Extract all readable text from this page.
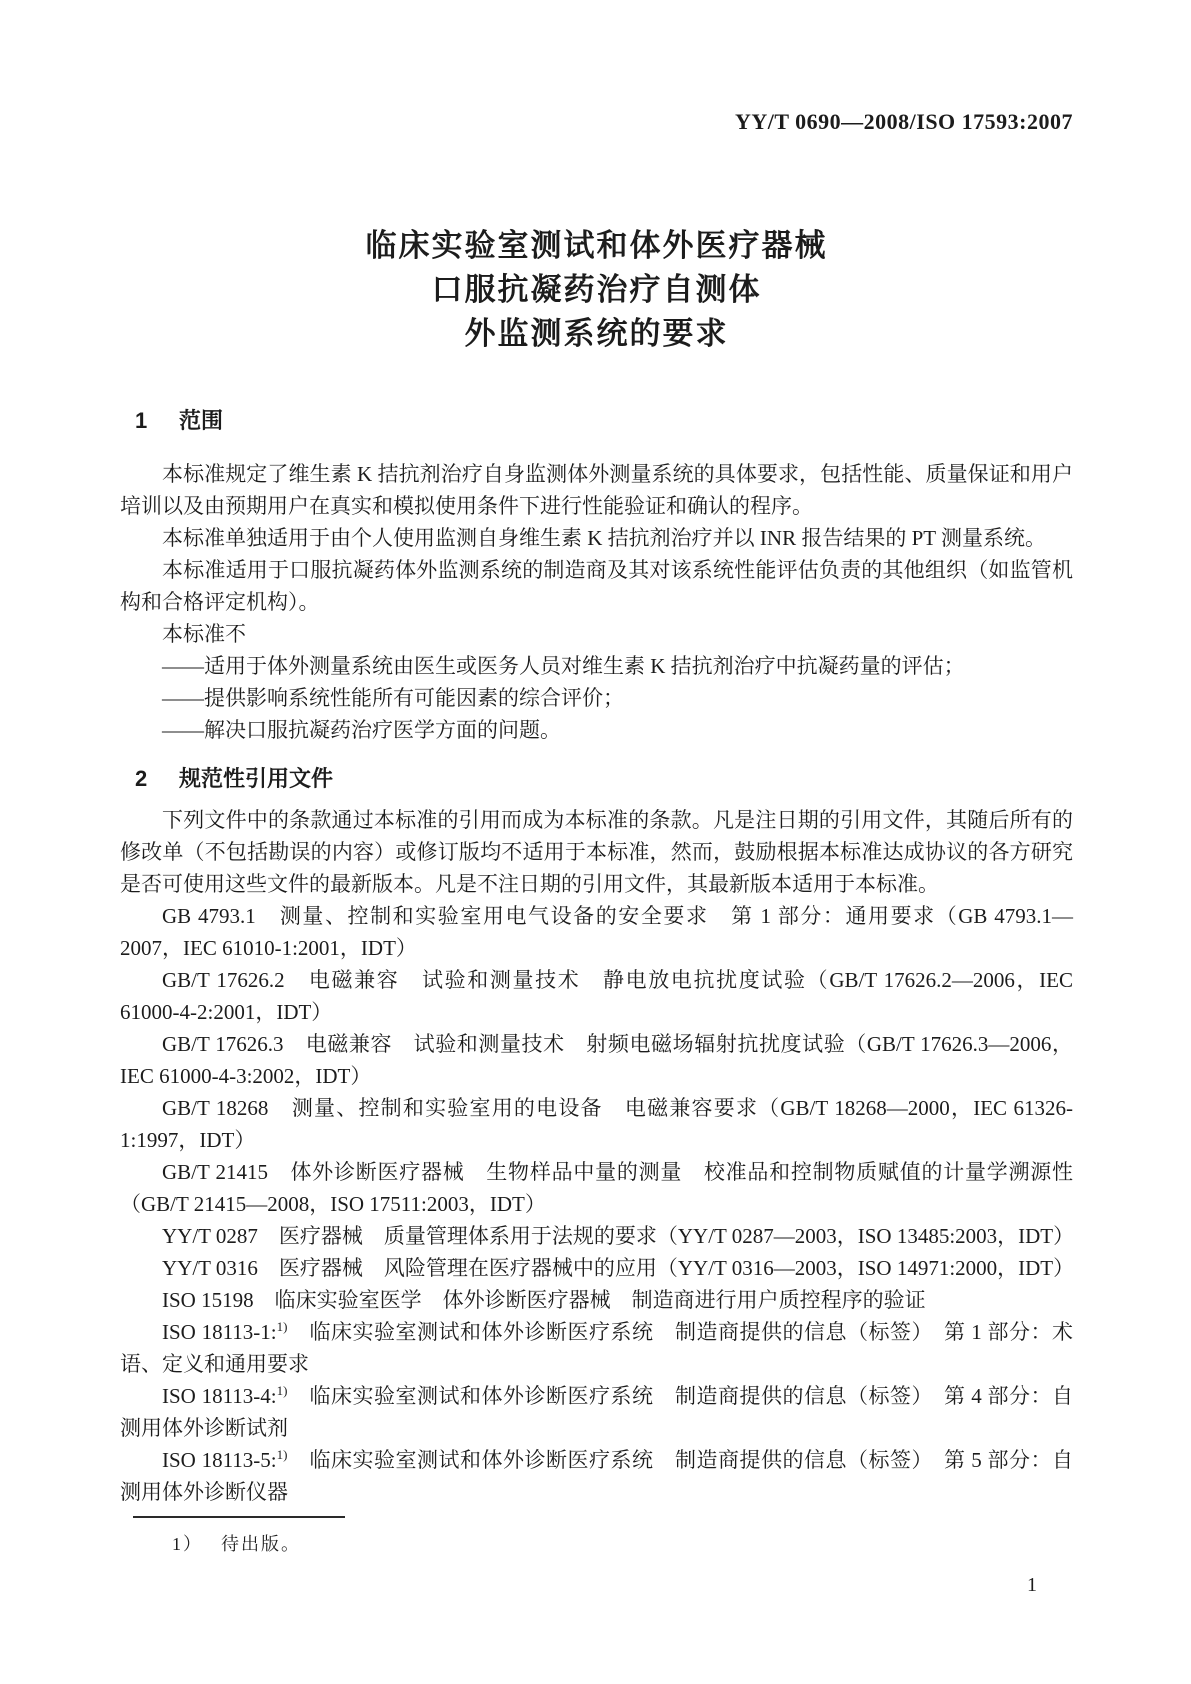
YY/T 0690—2008/ISO 17593:2007
临床实验室测试和体外医疗器械
口服抗凝药治疗自测体
外监测系统的要求
1 范围

本标准规定了维生素 K 拮抗剂治疗自身监测体外测量系统的具体要求，包括性能、质量保证和用户培训以及由预期用户在真实和模拟使用条件下进行性能验证和确认的程序。

本标准单独适用于由个人使用监测自身维生素 K 拮抗剂治疗并以 INR 报告结果的 PT 测量系统。

本标准适用于口服抗凝药体外监测系统的制造商及其对该系统性能评估负责的其他组织（如监管机构和合格评定机构）。

本标准不

——适用于体外测量系统由医生或医务人员对维生素 K 拮抗剂治疗中抗凝药量的评估；

——提供影响系统性能所有可能因素的综合评价；

——解决口服抗凝药治疗医学方面的问题。

2 规范性引用文件

下列文件中的条款通过本标准的引用而成为本标准的条款。凡是注日期的引用文件，其随后所有的修改单（不包括勘误的内容）或修订版均不适用于本标准，然而，鼓励根据本标准达成协议的各方研究是否可使用这些文件的最新版本。凡是不注日期的引用文件，其最新版本适用于本标准。

GB 4793.1　测量、控制和实验室用电气设备的安全要求　第 1 部分：通用要求（GB 4793.1—2007，IEC 61010-1:2001，IDT）

GB/T 17626.2　电磁兼容　试验和测量技术　静电放电抗扰度试验（GB/T 17626.2—2006，IEC 61000-4-2:2001，IDT）

GB/T 17626.3　电磁兼容　试验和测量技术　射频电磁场辐射抗扰度试验（GB/T 17626.3—2006，IEC 61000-4-3:2002，IDT）

GB/T 18268　测量、控制和实验室用的电设备　电磁兼容要求（GB/T 18268—2000，IEC 61326-1:1997，IDT）

GB/T 21415　体外诊断医疗器械　生物样品中量的测量　校准品和控制物质赋值的计量学溯源性（GB/T 21415—2008，ISO 17511:2003，IDT）

YY/T 0287　医疗器械　质量管理体系用于法规的要求（YY/T 0287—2003，ISO 13485:2003，IDT）

YY/T 0316　医疗器械　风险管理在医疗器械中的应用（YY/T 0316—2003，ISO 14971:2000，IDT）

ISO 15198　临床实验室医学　体外诊断医疗器械　制造商进行用户质控程序的验证

ISO 18113-1:$^{1)}$　临床实验室测试和体外诊断医疗系统　制造商提供的信息（标签）　第 1 部分：术语、定义和通用要求

ISO 18113-4:$^{1)}$　临床实验室测试和体外诊断医疗系统　制造商提供的信息（标签）　第 4 部分：自测用体外诊断试剂

ISO 18113-5:$^{1)}$　临床实验室测试和体外诊断医疗系统　制造商提供的信息（标签）　第 5 部分：自测用体外诊断仪器

1） 待出版。

1
